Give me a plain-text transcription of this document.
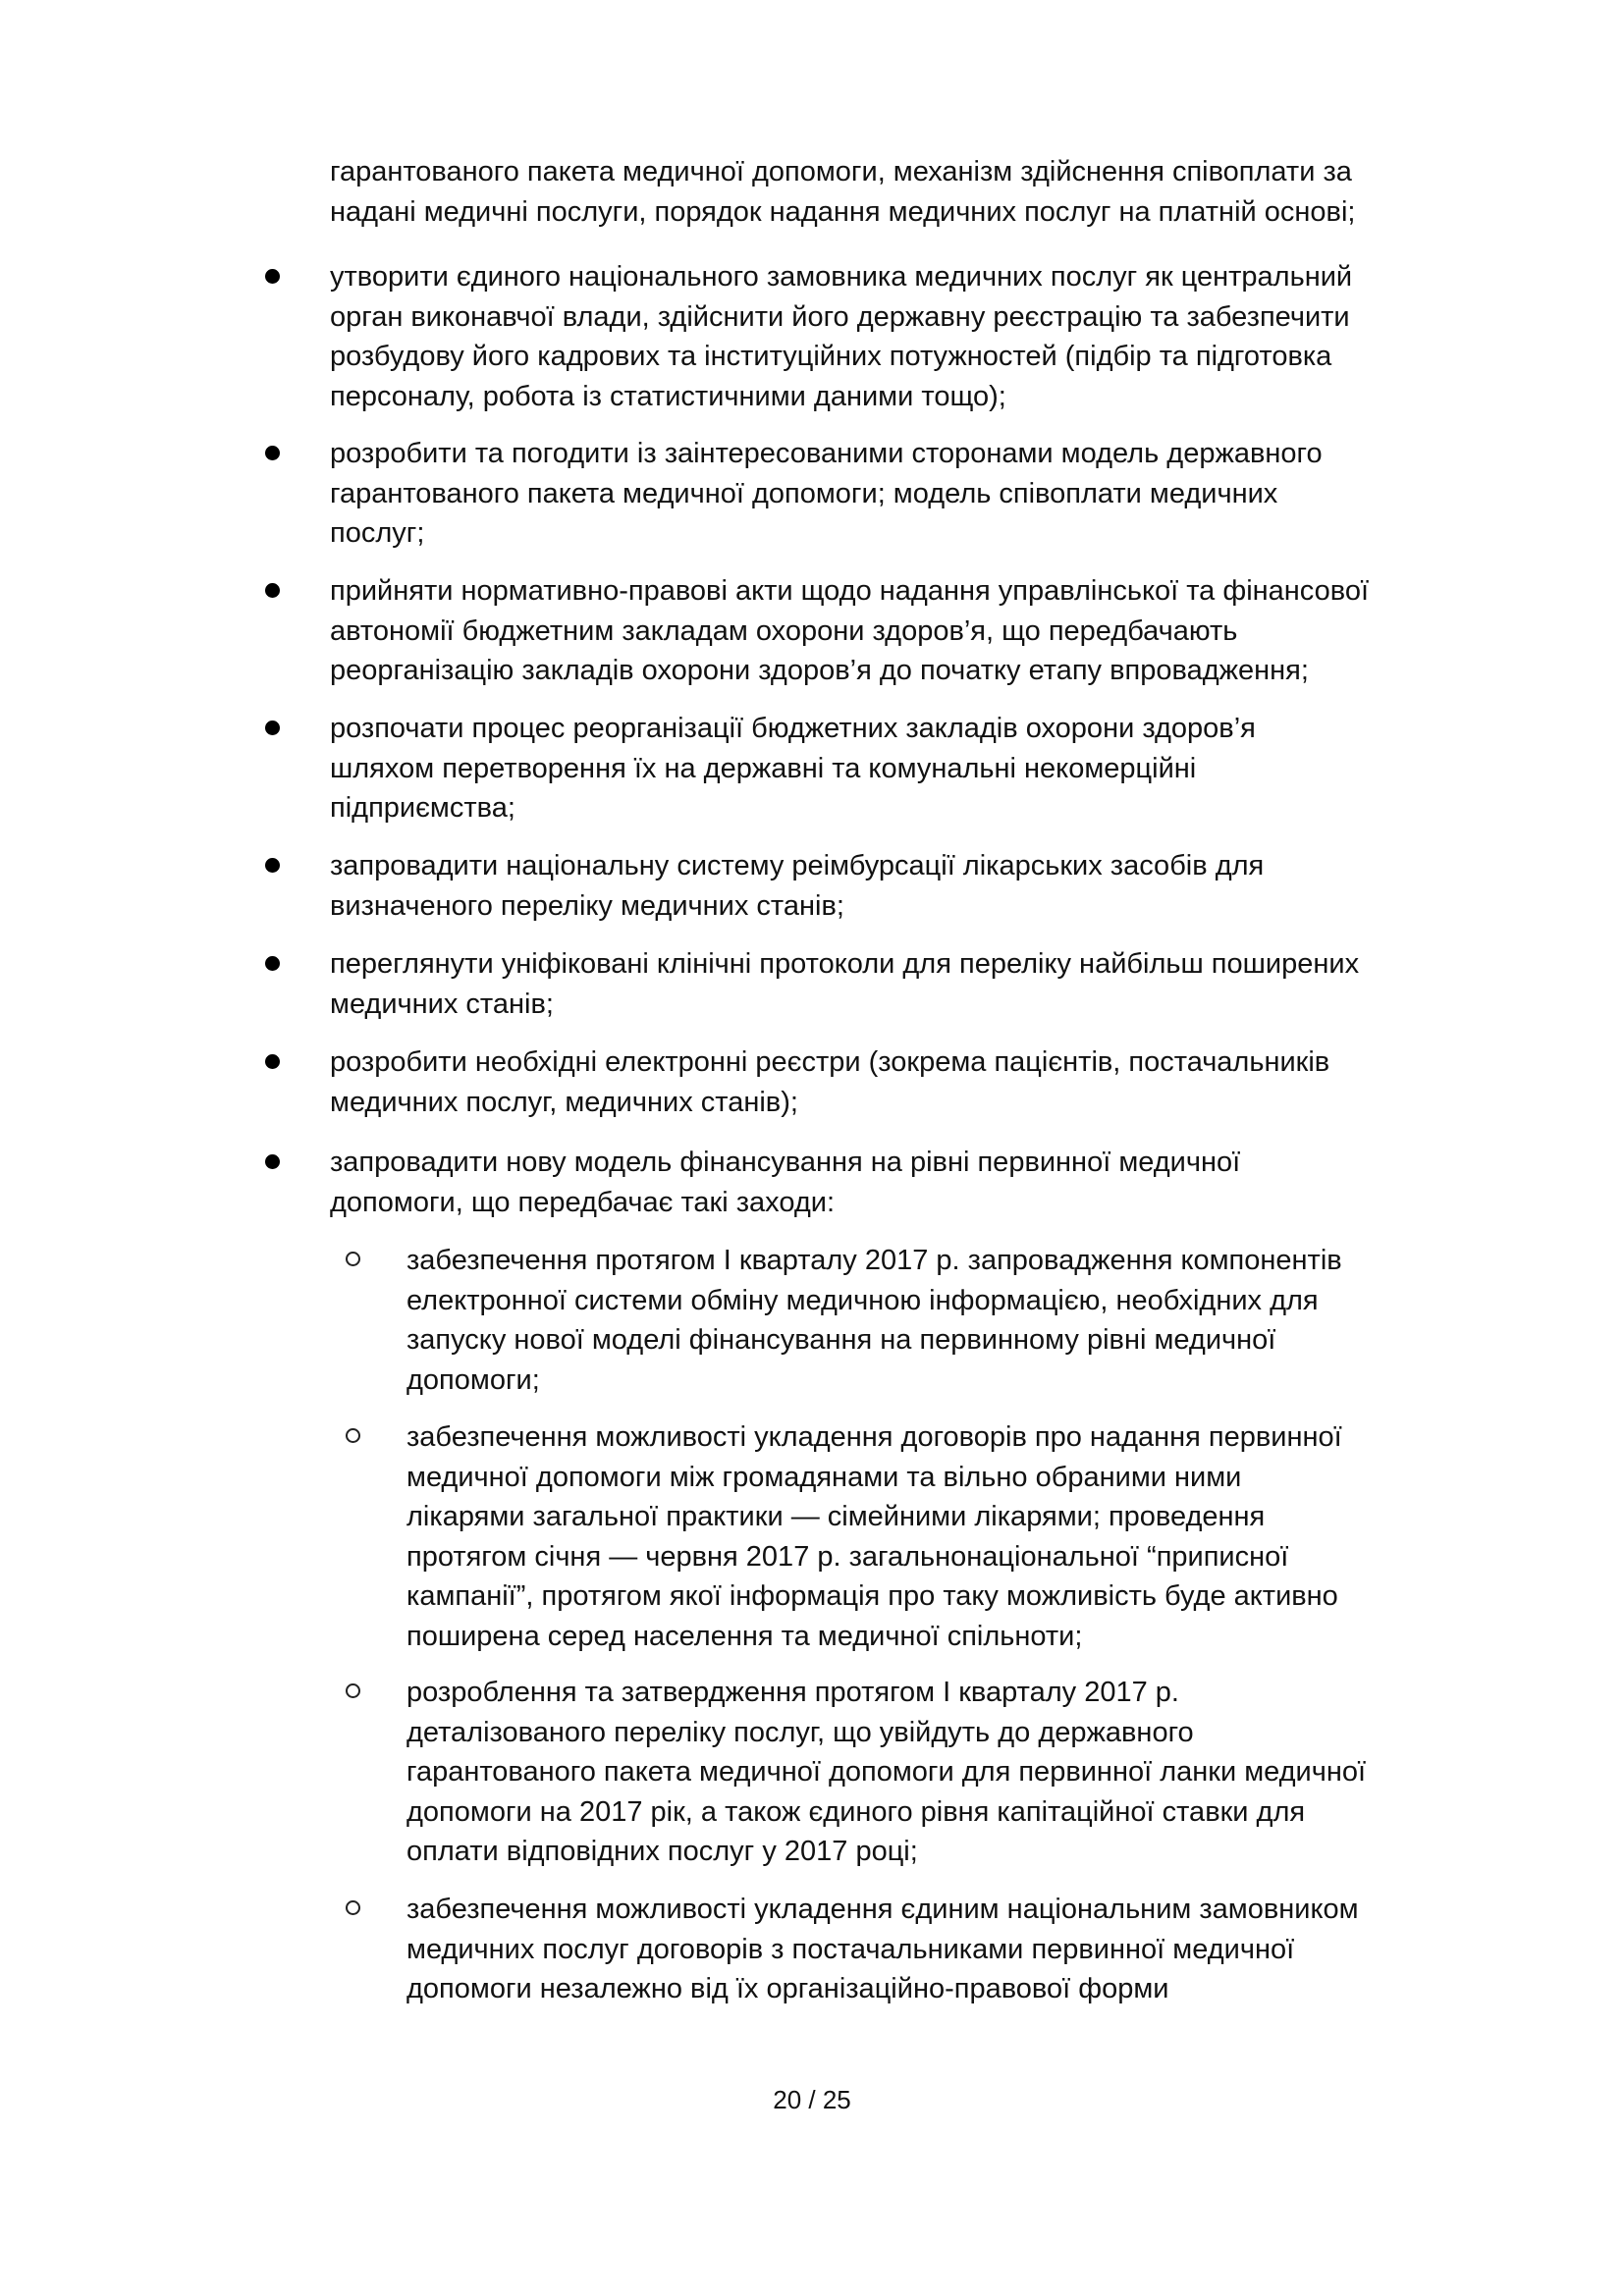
гарантованого пакета медичної допомоги, механізм здійснення співоплати за
надані медичні послуги, порядок надання медичних послуг на платній основі;
утворити єдиного національного замовника медичних послуг як центральний
орган виконавчої влади, здійснити його державну реєстрацію та забезпечити
розбудову його кадрових та інституційних потужностей (підбір та підготовка
персоналу, робота із статистичними даними тощо);
розробити та погодити із заінтересованими сторонами модель державного
гарантованого пакета медичної допомоги; модель співоплати медичних
послуг;
прийняти нормативно-правові акти щодо надання управлінської та фінансової
автономії бюджетним закладам охорони здоров’я, що передбачають
реорганізацію закладів охорони здоров’я до початку етапу впровадження;
розпочати процес реорганізації бюджетних закладів охорони здоров’я
шляхом перетворення їх на державні та комунальні некомерційні
підприємства;
запровадити національну систему реімбурсації лікарських засобів для
визначеного переліку медичних станів;
переглянути уніфіковані клінічні протоколи для переліку найбільш поширених
медичних станів;
розробити необхідні електронні реєстри (зокрема пацієнтів, постачальників
медичних послуг, медичних станів);
запровадити нову модель фінансування на рівні первинної медичної
допомоги, що передбачає такі заходи:
забезпечення протягом І кварталу 2017 р. запровадження компонентів
електронної системи обміну медичною інформацією, необхідних для
запуску нової моделі фінансування на первинному рівні медичної
допомоги;
забезпечення можливості укладення договорів про надання первинної
медичної допомоги між громадянами та вільно обраними ними
лікарями загальної практики — сімейними лікарями; проведення
протягом січня — червня 2017 р. загальнонаціональної “приписної
кампанії”, протягом якої інформація про таку можливість буде активно
поширена серед населення та медичної спільноти;
розроблення та затвердження протягом І кварталу 2017 р.
деталізованого переліку послуг, що увійдуть до державного
гарантованого пакета медичної допомоги для первинної ланки медичної
допомоги на 2017 рік, а також єдиного рівня капітаційної ставки для
оплати відповідних послуг у 2017 році;
забезпечення можливості укладення єдиним національним замовником
медичних послуг договорів з постачальниками первинної медичної
допомоги незалежно від їх організаційно-правової форми
20 / 25
